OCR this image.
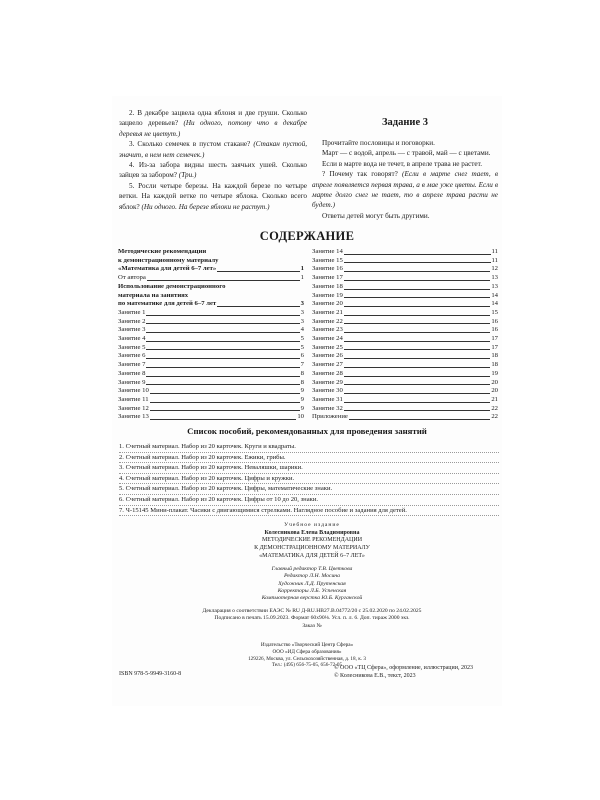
2. В декабре зацвела одна яблоня и две груши. Сколько зацвело деревьев? (Ни одного, потому что в декабре деревья не цветут.)

3. Сколько семечек в пустом стакане? (Стакан пустой, значит, в нем нет семечек.)

4. Из-за забора видны шесть заячьих ушей. Сколько зайцев за забором? (Три.)

5. Росли четыре березы. На каждой березе по четыре ветки. На каждой ветке по четыре яблока. Сколько всего яблок? (Ни одного. На березе яблоки не растут.)

Задание 3

Прочитайте пословицы и поговорки.

Март — с водой, апрель — с травой, май — с цветами.

Если в марте вода не течет, в апреле трава не растет.

? Почему так говорят? (Если в марте снег тает, в апреле появляется первая трава, а в мае уже цветы. Если в марте долго снег не тает, то в апреле трава расти не будет.)

Ответы детей могут быть другими.

СОДЕРЖАНИЕ
Методические рекомендации
к демонстрационному материалу
«Математика для детей 6–7 лет»	1
От автора	1
Использование демонстрационного
материала на занятиях
по математике для детей 6–7 лет	3
Занятие 1	3
Занятие 2	3
Занятие 3	4
Занятие 4	5
Занятие 5	5
Занятие 6	6
Занятие 7	7
Занятие 8	8
Занятие 9	8
Занятие 10	9
Занятие 11	9
Занятие 12	9
Занятие 13	10
Занятие 14	11
Занятие 15	11
Занятие 16	12
Занятие 17	13
Занятие 18	13
Занятие 19	14
Занятие 20	14
Занятие 21	15
Занятие 22	16
Занятие 23	16
Занятие 24	17
Занятие 25	17
Занятие 26	18
Занятие 27	18
Занятие 28	19
Занятие 29	20
Занятие 30	20
Занятие 31	21
Занятие 32	22
Приложение	22
Список пособий, рекомендованных для проведения занятий
1. Счетный материал. Набор из 20 карточек. Круги и квадраты.
2. Счетный материал. Набор из 20 карточек. Ежики, грибы.
3. Счетный материал. Набор из 20 карточек. Неваляшки, шарики.
4. Счетный материал. Набор из 20 карточек. Цифры и кружки.
5. Счетный материал. Набор из 20 карточек. Цифры, математические знаки.
6. Счетный материал. Набор из 20 карточек. Цифры от 10 до 20, знаки.
7. Ч-15145 Мини-плакат. Часики с двигающимися стрелками. Наглядное пособие и задания для детей.
Учебное издание
Колесникова Елена Владимировна
МЕТОДИЧЕСКИЕ РЕКОМЕНДАЦИИ
К ДЕМОНСТРАЦИОННОМУ МАТЕРИАЛУ
«МАТЕМАТИКА ДЛЯ ДЕТЕЙ 6–7 ЛЕТ»
Главный редактор Т.В. Цветкова
Редактор Л.Н. Мосина
Художник Л.Д. Прутенская
Корректоры Л.Б. Успенская
Компьютерная верстка Ю.Б. Курганской
Декларация о соответствии ЕАЭС № RU Д-RU.НВ27.В.04772/20 с 25.02.2020 по 24.02.2025
Подписано в печать 15.09.2023. Формат 60х90⅛. Усл. п. л. 6. Доп. тираж 2000 экз.
Заказ №
Издательство «Творческий Центр Сфера»
ООО «ИД Сфера образования»
129226, Москва, ул. Сельскохозяйственная, д. 18, к. 3
Тел.: (495) 656-75-05, 656-72-05
ISBN 978-5-9949-3160-8
© ООО «ТЦ Сфера», оформление, иллюстрации, 2023
© Колесникова Е.В., текст, 2023
